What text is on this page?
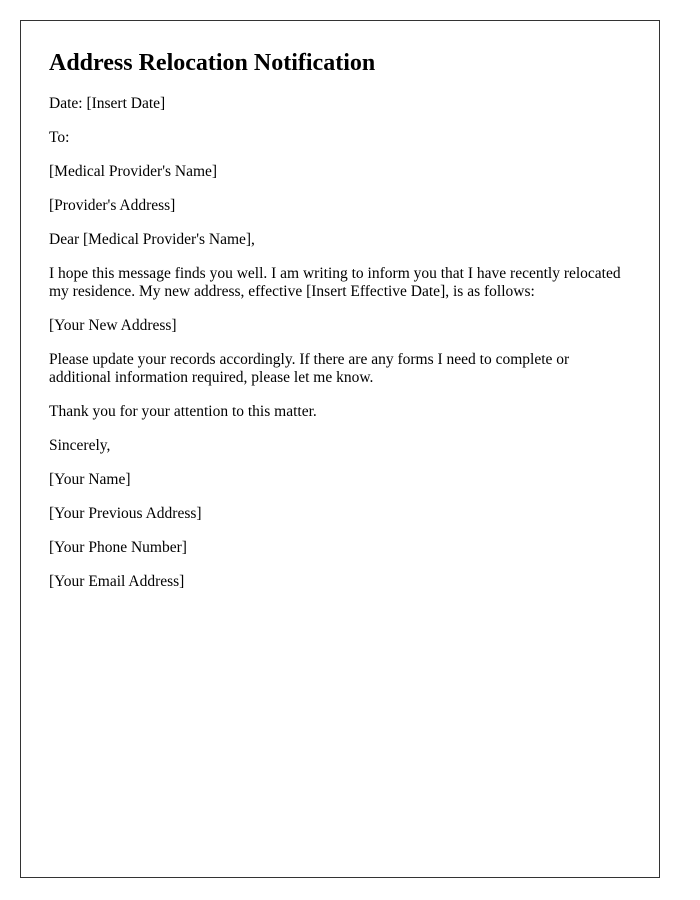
Address Relocation Notification

Date: [Insert Date]

To:

[Medical Provider's Name]

[Provider's Address]

Dear [Medical Provider's Name],

I hope this message finds you well. I am writing to inform you that I have recently relocated my residence. My new address, effective [Insert Effective Date], is as follows:

[Your New Address]

Please update your records accordingly. If there are any forms I need to complete or additional information required, please let me know.

Thank you for your attention to this matter.

Sincerely,

[Your Name]

[Your Previous Address]

[Your Phone Number]

[Your Email Address]
